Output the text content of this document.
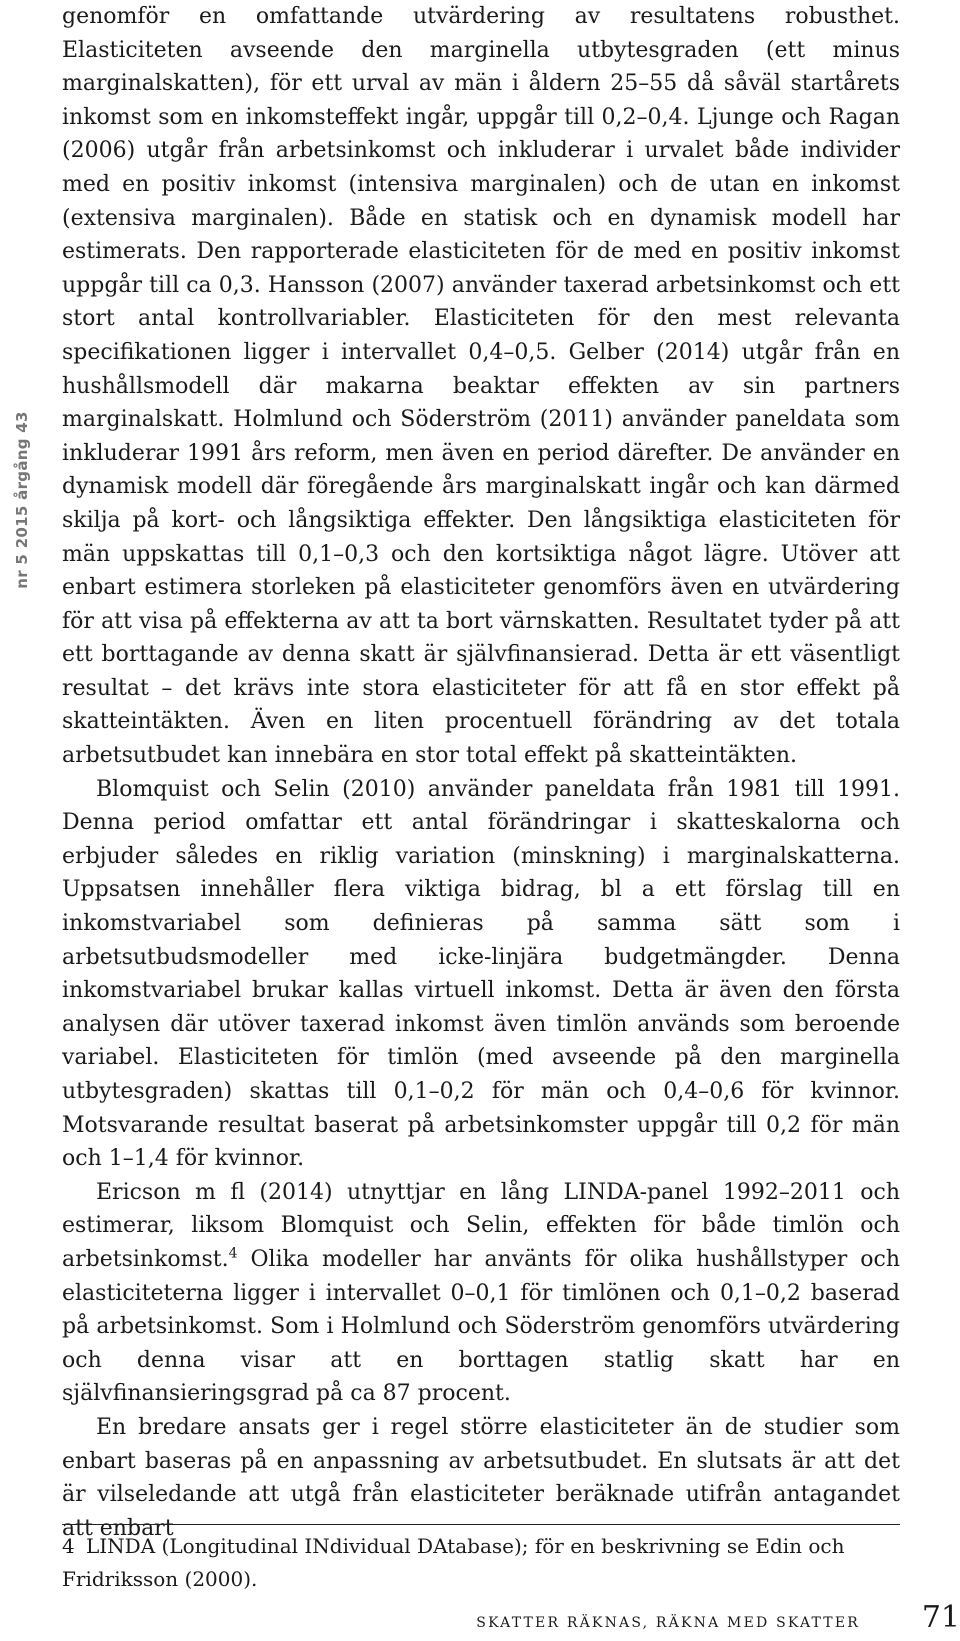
nr 5 2015 årgång 43

genomför en omfattande utvärdering av resultatens robusthet. Elasticiteten avseende den marginella utbytesgraden (ett minus marginalskatten), för ett urval av män i åldern 25–55 då såväl startårets inkomst som en inkomsteffekt ingår, uppgår till 0,2–0,4. Ljunge och Ragan (2006) utgår från arbetsinkomst och inkluderar i urvalet både individer med en positiv inkomst (intensiva marginalen) och de utan en inkomst (extensiva marginalen). Både en statisk och en dynamisk modell har estimerats. Den rapporterade elasticiteten för de med en positiv inkomst uppgår till ca 0,3. Hansson (2007) använder taxerad arbetsinkomst och ett stort antal kontrollvariabler. Elasticiteten för den mest relevanta specifikationen ligger i intervallet 0,4–0,5. Gelber (2014) utgår från en hushållsmodell där makarna beaktar effekten av sin partners marginalskatt. Holmlund och Söderström (2011) använder paneldata som inkluderar 1991 års reform, men även en period därefter. De använder en dynamisk modell där föregående års marginalskatt ingår och kan därmed skilja på kort- och långsiktiga effekter. Den långsiktiga elasticiteten för män uppskattas till 0,1–0,3 och den kortsiktiga något lägre. Utöver att enbart estimera storleken på elasticiteter genomförs även en utvärdering för att visa på effekterna av att ta bort värnskatten. Resultatet tyder på att ett borttagande av denna skatt är självfinansierad. Detta är ett väsentligt resultat – det krävs inte stora elasticiteter för att få en stor effekt på skatteintäkten. Även en liten procentuell förändring av det totala arbetsutbudet kan innebära en stor total effekt på skatteintäkten.

Blomquist och Selin (2010) använder paneldata från 1981 till 1991. Denna period omfattar ett antal förändringar i skatteskalorna och erbjuder således en riklig variation (minskning) i marginalskatterna. Uppsatsen innehåller flera viktiga bidrag, bl a ett förslag till en inkomstvariabel som definieras på samma sätt som i arbetsutbudsmodeller med icke-linjära budgetmängder. Denna inkomstvariabel brukar kallas virtuell inkomst. Detta är även den första analysen där utöver taxerad inkomst även timlön används som beroende variabel. Elasticiteten för timlön (med avseende på den marginella utbytesgraden) skattas till 0,1–0,2 för män och 0,4–0,6 för kvinnor. Motsvarande resultat baserat på arbetsinkomster uppgår till 0,2 för män och 1–1,4 för kvinnor.

Ericson m fl (2014) utnyttjar en lång LINDA-panel 1992–2011 och estimerar, liksom Blomquist och Selin, effekten för både timlön och arbetsinkomst.$^4$ Olika modeller har använts för olika hushållstyper och elasticiteterna ligger i intervallet 0–0,1 för timlönen och 0,1–0,2 baserad på arbetsinkomst. Som i Holmlund och Söderström genomförs utvärdering och denna visar att en borttagen statlig skatt har en självfinansieringsgrad på ca 87 procent.

En bredare ansats ger i regel större elasticiteter än de studier som enbart baseras på en anpassning av arbetsutbudet. En slutsats är att det är vilseledande att utgå från elasticiteter beräknade utifrån antagandet att enbart

4 LINDA (Longitudinal INdividual DAtabase); för en beskrivning se Edin och Fridriksson (2000).

SKATTER RÄKNAS, RÄKNA MED SKATTER 71
